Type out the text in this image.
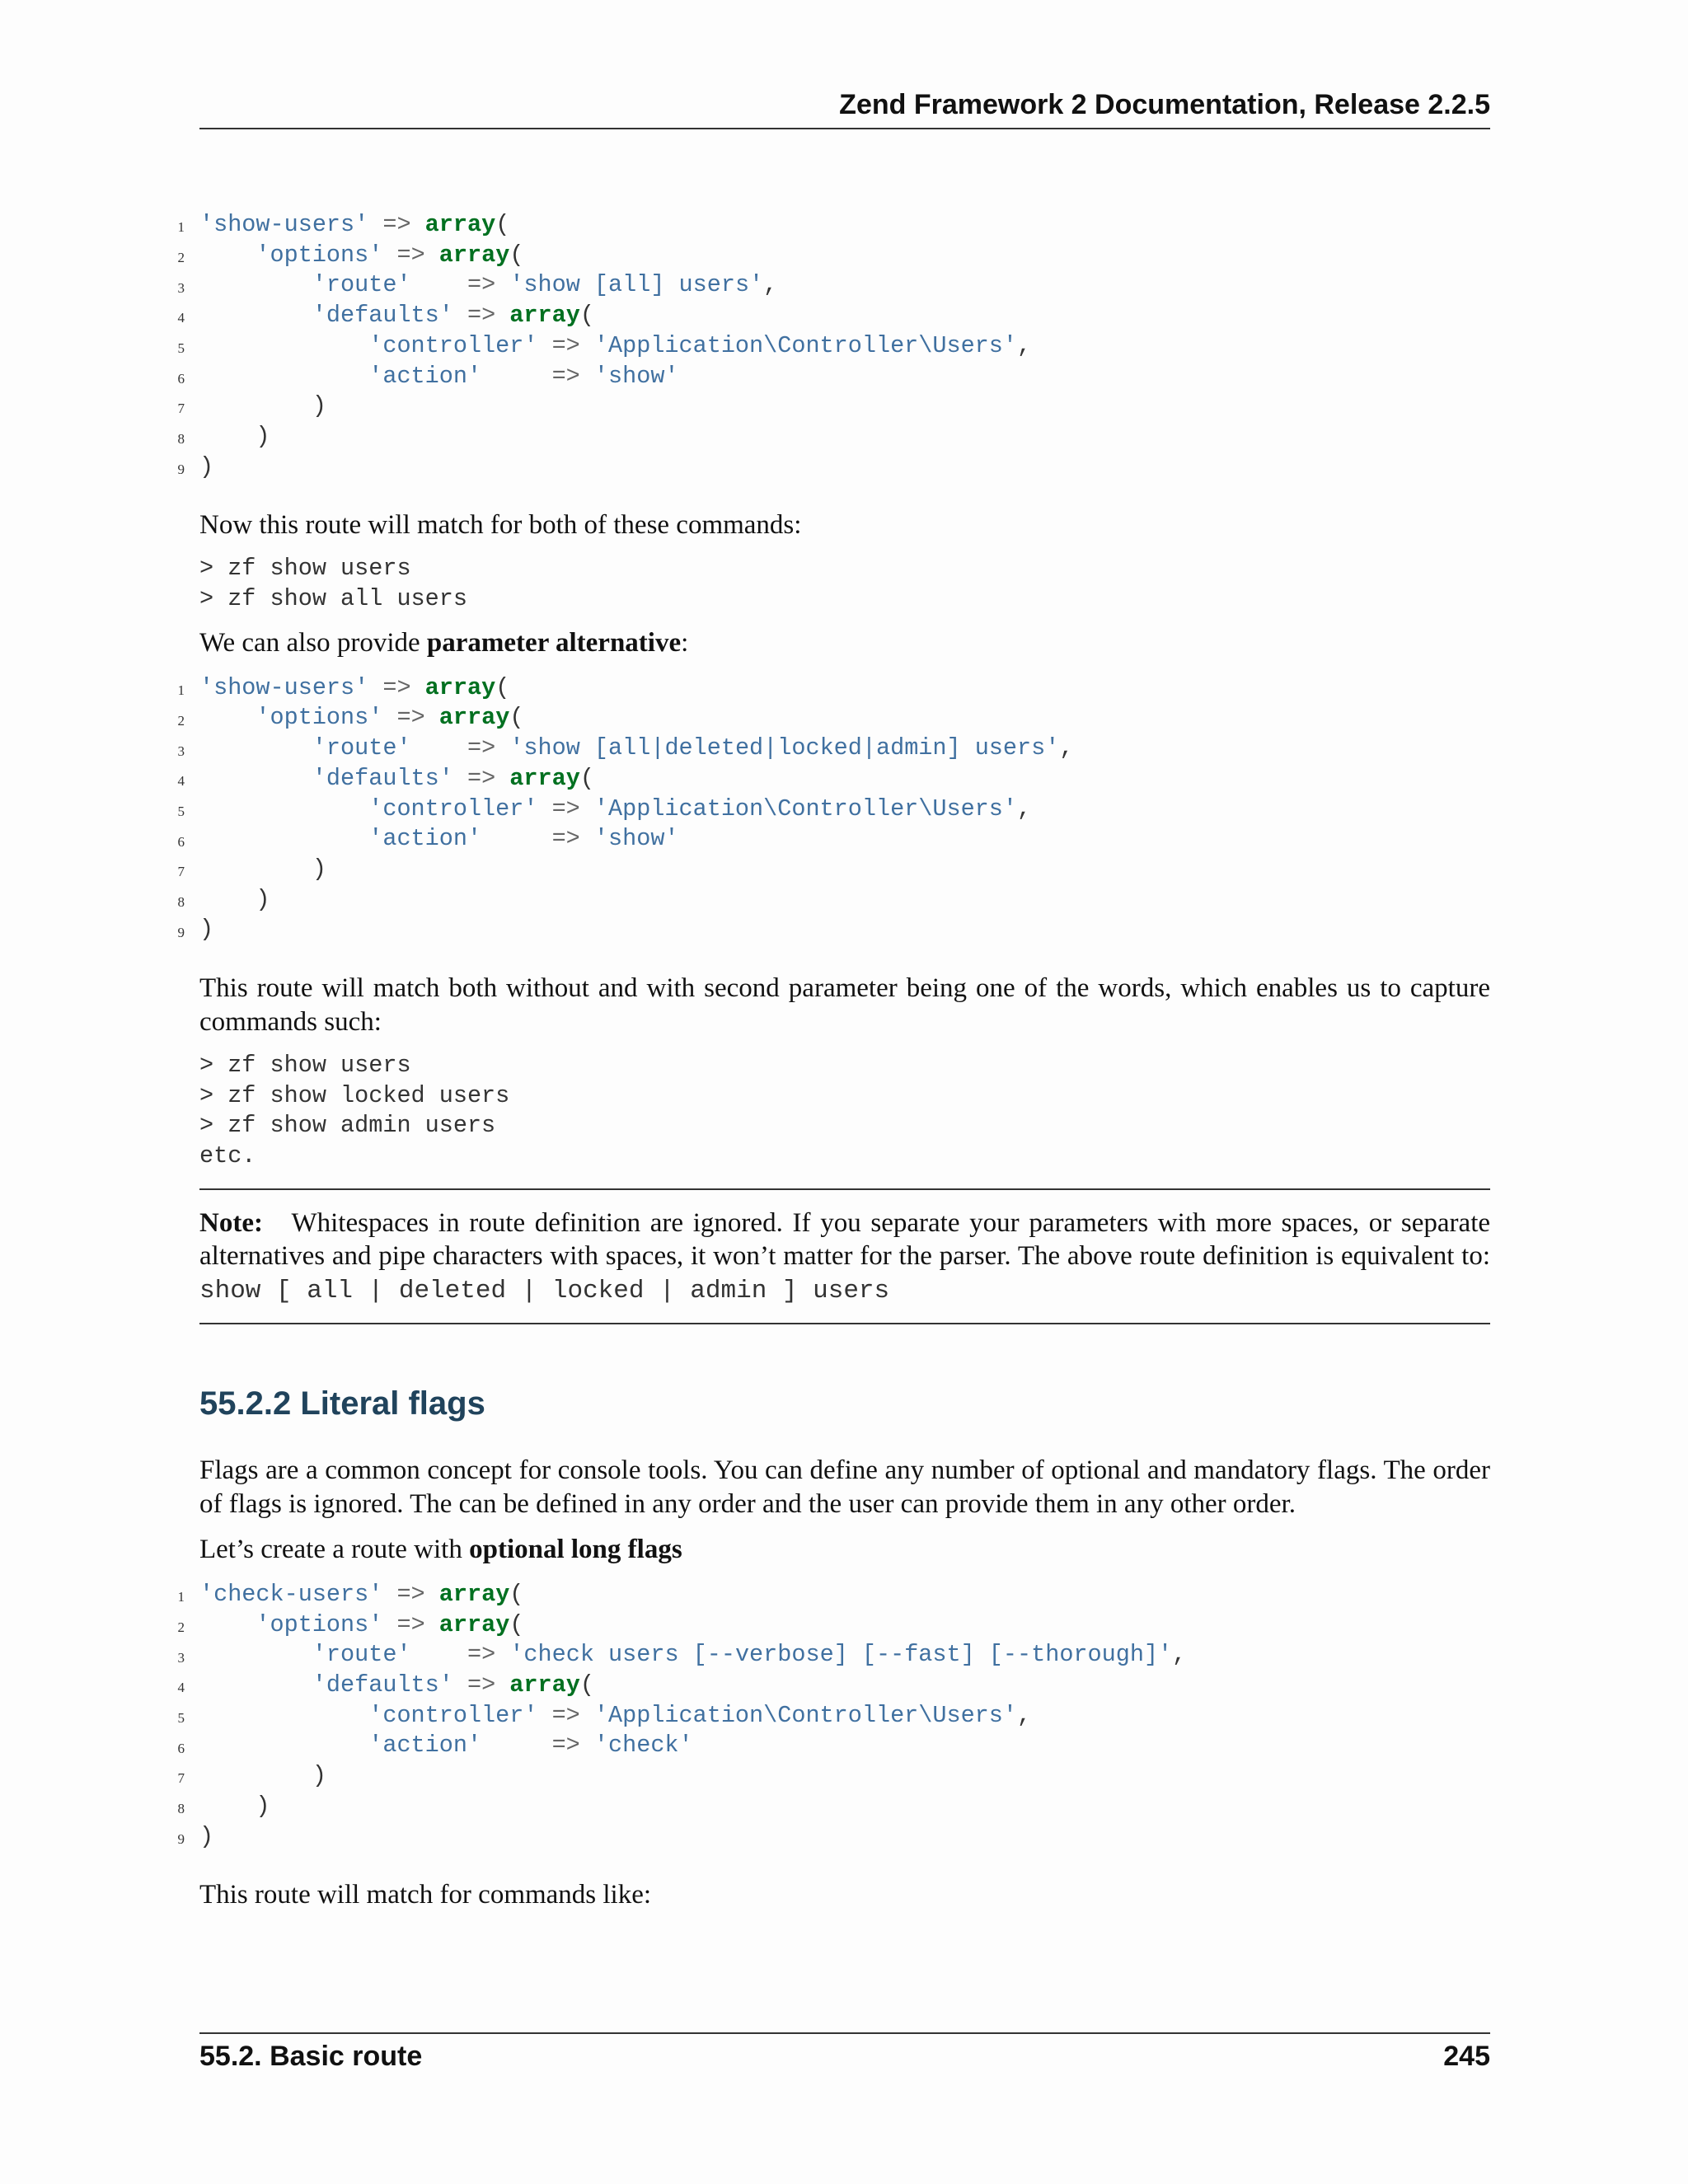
Zend Framework 2 Documentation, Release 2.2.5
1
2
3
4
5
6
7
8
9
'show-users' => array(
'options' => array(
'route' => 'show [all] users',
'defaults' => array(
'controller' => 'Application\Controller\Users',
'action'	=> 'show'
)
)
)

Now this route will match for both of these commands:

> zf show users
> zf show all users

We can also provide parameter alternative:

1
2
3
4
5
6
7
8
9
'show-users' => array(
'options' => array(
'route' => 'show [all|deleted|locked|admin] users',
'defaults' => array(
'controller' => 'Application\Controller\Users',
'action'	=> 'show'
)
)
)

This route will match both without and with second parameter being one of the words, which enables us to capture commands such:

> zf show users
> zf show locked users
> zf show admin users
etc.

Note: Whitespaces in route definition are ignored. If you separate your parameters with more spaces, or separate alternatives and pipe characters with spaces, it won’t matter for the parser. The above route definition is equivalent to: show [ all | deleted | locked | admin ] users

55.2.2 Literal flags

Flags are a common concept for console tools. You can define any number of optional and mandatory flags. The order of flags is ignored. The can be defined in any order and the user can provide them in any other order.

Let’s create a route with optional long flags

1
2
3
4
5
6
7
8
9
'check-users' => array(
'options' => array(
'route' => 'check users [--verbose] [--fast] [--thorough]',
'defaults' => array(
'controller' => 'Application\Controller\Users',
'action'	=> 'check'
)
)
)

This route will match for commands like:

55.2. Basic route	245
